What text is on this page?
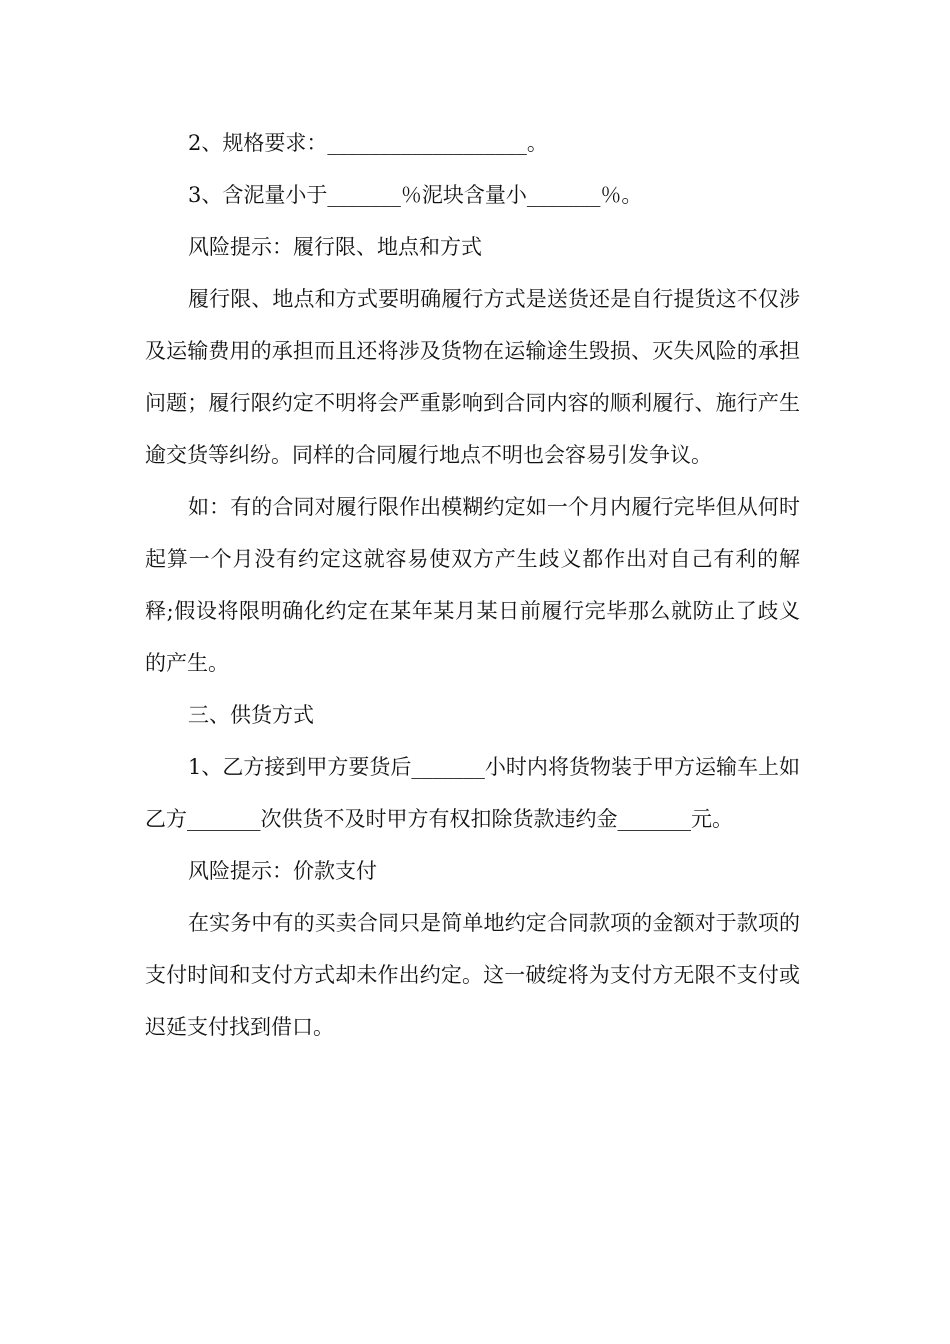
2、规格要求：___________________。

3、含泥量小于_______％泥块含量小_______％。

风险提示：履行限、地点和方式

履行限、地点和方式要明确履行方式是送货还是自行提货这不仅涉及运输费用的承担而且还将涉及货物在运输途生毁损、灭失风险的承担问题；履行限约定不明将会严重影响到合同内容的顺利履行、施行产生逾交货等纠纷。同样的合同履行地点不明也会容易引发争议。

如：有的合同对履行限作出模糊约定如一个月内履行完毕但从何时起算一个月没有约定这就容易使双方产生歧义都作出对自己有利的解释;假设将限明确化约定在某年某月某日前履行完毕那么就防止了歧义的产生。

三、供货方式

1、乙方接到甲方要货后_______小时内将货物装于甲方运输车上如乙方_______次供货不及时甲方有权扣除货款违约金_______元。

风险提示：价款支付

在实务中有的买卖合同只是简单地约定合同款项的金额对于款项的支付时间和支付方式却未作出约定。这一破绽将为支付方无限不支付或迟延支付找到借口。
